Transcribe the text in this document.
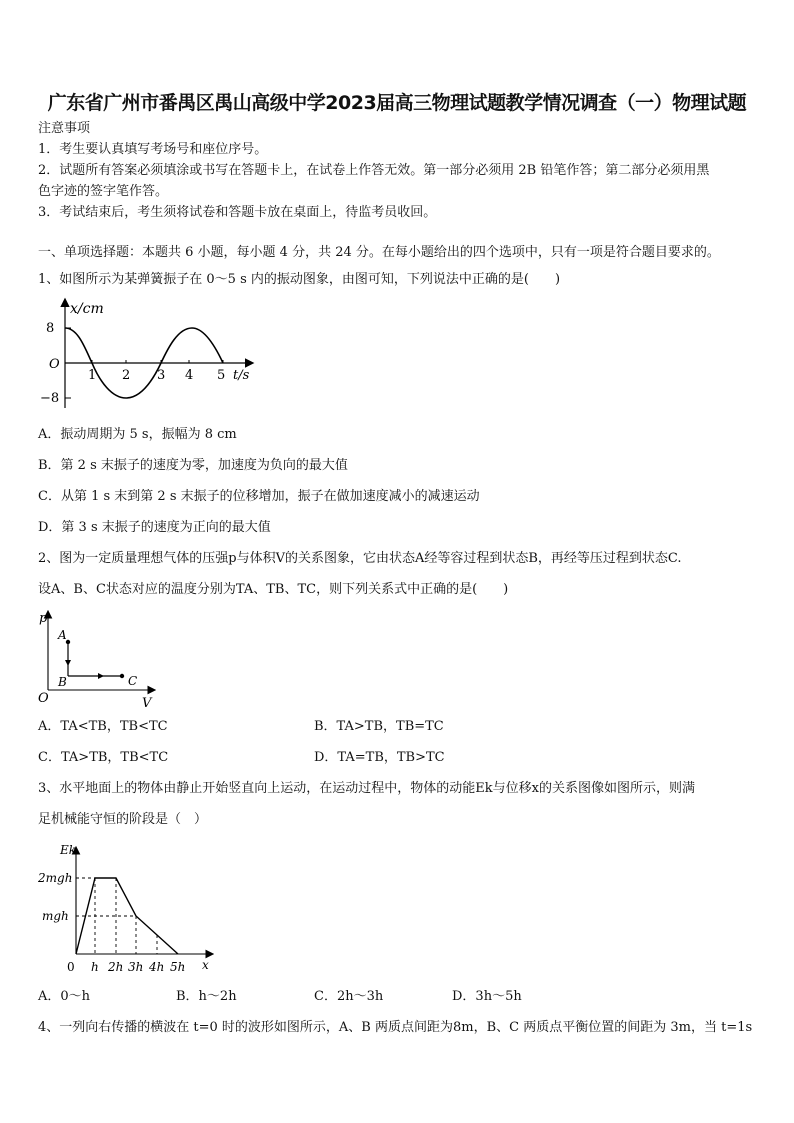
广东省广州市番禺区禺山高级中学2023届高三物理试题教学情况调查（一）物理试题
注意事项
1．考生要认真填写考场号和座位序号。
2．试题所有答案必须填涂或书写在答题卡上，在试卷上作答无效。第一部分必须用 2B 铅笔作答；第二部分必须用黑
色字迹的签字笔作答。
3．考试结束后，考生须将试卷和答题卡放在桌面上，待监考员收回。
一、单项选择题：本题共 6 小题，每小题 4 分，共 24 分。在每小题给出的四个选项中，只有一项是符合题目要求的。
1、如图所示为某弹簧振子在 0～5 s 内的振动图象，由图可知，下列说法中正确的是(　　)
x/cm
8
−8
O
1 2 3 4 5 t/s
A．振动周期为 5 s，振幅为 8 cm
B．第 2 s 末振子的速度为零，加速度为负向的最大值
C．从第 1 s 末到第 2 s 末振子的位移增加，振子在做加速度减小的减速运动
D．第 3 s 末振子的速度为正向的最大值
2、图为一定质量理想气体的压强p与体积V的关系图象，它由状态A经等容过程到状态B，再经等压过程到状态C.
设A、B、C状态对应的温度分别为TA、TB、TC，则下列关系式中正确的是(　　)
p
A
B	C
O	V
A．TA<TB，TB<TC	B．TA>TB，TB=TC
C．TA>TB，TB<TC	D．TA=TB，TB>TC
3、水平地面上的物体由静止开始竖直向上运动，在运动过程中，物体的动能Ek与位移x的关系图像如图所示，则满
足机械能守恒的阶段是（　）
Ek
2mgh
mgh
0 h 2h 3h 4h 5h x
A．0～h	B．h～2h	C．2h～3h	D．3h～5h
4、一列向右传播的横波在 t=0 时的波形如图所示，A、B 两质点间距为8m，B、C 两质点平衡位置的间距为 3m，当 t=1s
